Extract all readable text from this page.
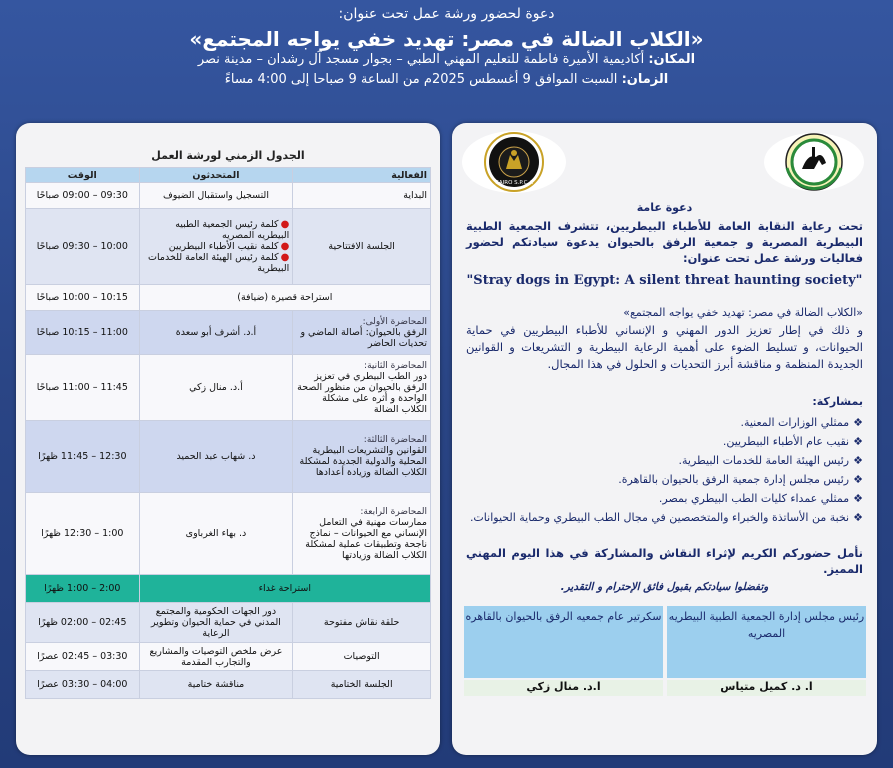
دعوة لحضور ورشة عمل تحت عنوان:
«الكلاب الضالة في مصر: تهديد خفي يواجه المجتمع»
المكان: أكاديمية الأميرة فاطمة للتعليم المهني الطبي – بجوار مسجد آل رشدان – مدينة نصر
الزمان: السبت الموافق 9 أغسطس 2025م من الساعة 9 صباحا إلى 4:00 مساءً
الجدول الزمني لورشة العمل
الفعالية	المتحدثون	الوقت
البداية	التسجيل واستقبال الضيوف	09:30 – 09:00 صباحًا
الجلسة الافتتاحية	●كلمة رئيس الجمعية الطبيه البيطريه المصريه
●كلمة نقيب الأطباء البيطريين
●كلمة رئيس الهيئة العامة للخدمات البيطرية	10:00 – 09:30 صباحًا
استراحة قصيرة (ضيافة)		10:15 – 10:00 صباحًا

المحاضرة الأولى:
الرفق بالحيوان: أصالة الماضي و تحديات الحاضر	أ.د. أشرف أبو سعدة	11:00 – 10:15 صباحًا

المحاضرة الثانية:
دور الطب البيطري في تعزيز الرفق بالحيوان من منظور الصحة الواحدة و أثره على مشكلة الكلاب الضالة	أ.د. منال زكي	11:45 – 11:00 صباحًا

المحاضرة الثالثة:
القوانين والتشريعات البيطرية المحلية والدولية الجديدة لمشكلة الكلاب الضالة وزيادة أعدادها	د. شهاب عبد الحميد	12:30 – 11:45 ظهرًا

المحاضرة الرابعة:
ممارسات مهنية في التعامل الإنساني مع الحيوانات – نماذج ناجحة وتطبيقات عملية لمشكلة الكلاب الضالة وزيادتها	د. بهاء الغرباوى	1:00 – 12:30 ظهرًا
استراحة غداء		2:00 – 1:00 ظهرًا
حلقة نقاش مفتوحة	دور الجهات الحكومية والمجتمع المدني في حماية الحيوان وتطوير الرعاية	02:45 – 02:00 ظهرًا
التوصيات	عرض ملخص التوصيات والمشاريع والتجارب المقدمة	03:30 – 02:45 عصرًا
الجلسة الختامية	مناقشة ختامية	04:00 – 03:30 عصرًا
CAIRO S.P.C.A
دعوة عامة
تحت رعاية النقابة العامة للأطباء البيطريين، تتشرف الجمعية الطبية البيطرية المصرية و جمعية الرفق بالحيوان يدعوة سيادتكم لحضور فعاليات ورشة عمل تحت عنوان:
"Stray dogs in Egypt: A silent threat haunting society"
«الكلاب الضالة في مصر: تهديد خفي يواجه المجتمع»
و ذلك في إطار تعزيز الدور المهني و الإنساني للأطباء البيطريين في حماية الحيوانات، و تسليط الضوء على أهمية الرعاية البيطرية و التشريعات و القوانين الجديدة المنظمة و مناقشة أبرز التحديات و الحلول في هذا المجال.
بمشاركة:
❖ممثلي الوزارات المعنية.
❖نقيب عام الأطباء البيطريين.
❖رئيس الهيئة العامة للخدمات البيطرية.
❖رئيس مجلس إدارة جمعية الرفق بالحيوان بالقاهرة.
❖ممثلي عمداء كليات الطب البيطري بمصر.
❖نخبة من الأساتذة والخبراء والمتخصصين في مجال الطب البيطري وحماية الحيوانات.
نأمل حضوركم الكريم لإثراء النقاش والمشاركة في هذا اليوم المهني المميز.
وتفضلوا سيادتكم بقبول فائق الإحترام و التقدير.
رئيس مجلس إدارة الجمعية الطبية البيطريه المصريه
سكرتير عام جمعيه الرفق بالحيوان بالقاهره
ا. د. كميل متياس
ا.د. منال زكي
